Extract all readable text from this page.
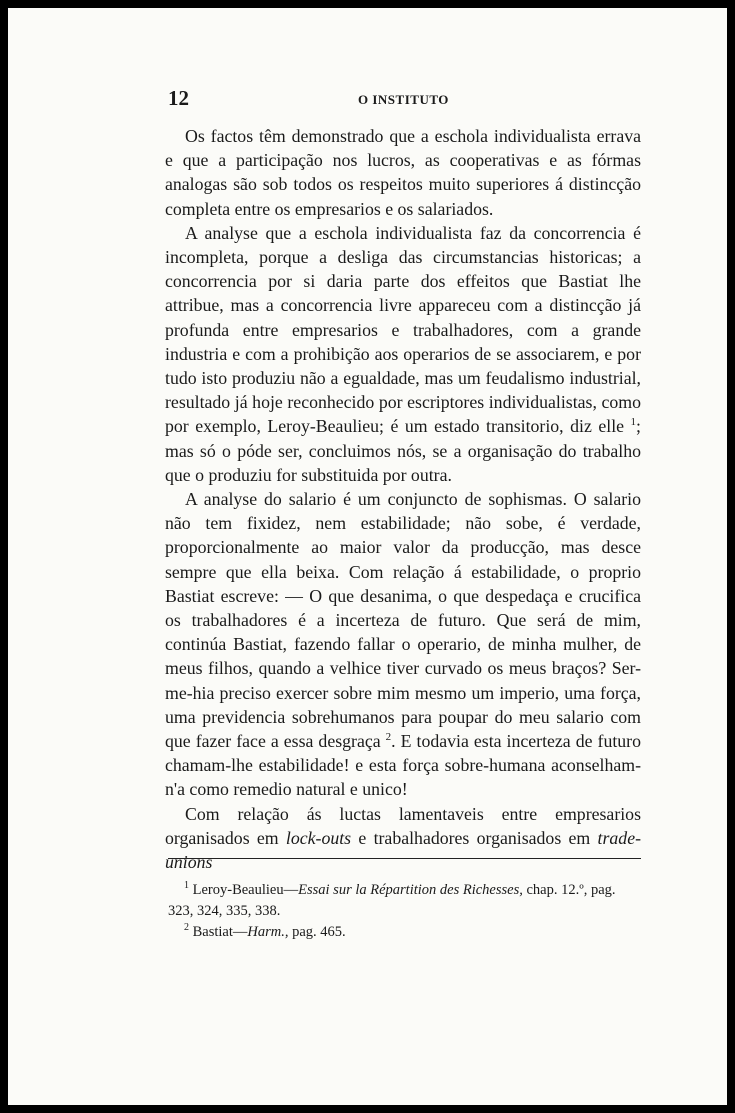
12	O INSTITUTO

Os factos têm demonstrado que a eschola individualista errava e que a participação nos lucros, as cooperativas e as fórmas analogas são sob todos os respeitos muito superiores á distincção completa entre os empresarios e os salariados.

A analyse que a eschola individualista faz da concorrencia é incompleta, porque a desliga das circumstancias historicas; a concorrencia por si daria parte dos effeitos que Bastiat lhe attribue, mas a concorrencia livre appareceu com a distincção já profunda entre empresarios e trabalhadores, com a grande industria e com a prohibição aos operarios de se associarem, e por tudo isto produziu não a egualdade, mas um feudalismo industrial, resultado já hoje reconhecido por escriptores individualistas, como por exemplo, Leroy-Beaulieu; é um estado transitorio, diz elle $^1$; mas só o póde ser, concluimos nós, se a organisação do trabalho que o produziu for substituida por outra.

A analyse do salario é um conjuncto de sophismas. O salario não tem fixidez, nem estabilidade; não sobe, é verdade, proporcionalmente ao maior valor da producção, mas desce sempre que ella beixa. Com relação á estabilidade, o proprio Bastiat escreve: — O que desanima, o que despedaça e crucifica os trabalhadores é a incerteza de futuro. Que será de mim, continúa Bastiat, fazendo fallar o operario, de minha mulher, de meus filhos, quando a velhice tiver curvado os meus braços? Ser-me-hia preciso exercer sobre mim mesmo um imperio, uma força, uma previdencia sobrehumanos para poupar do meu salario com que fazer face a essa desgraça $^2$. E todavia esta incerteza de futuro chamam-lhe estabilidade! e esta força sobre-humana aconselham-n'a como remedio natural e unico!

Com relação ás luctas lamentaveis entre empresarios organisados em lock-outs e trabalhadores organisados em trade-unions

$^1$ Leroy-Beaulieu—Essai sur la Répartition des Richesses, chap. 12.º, pag. 323, 324, 335, 338.

$^2$ Bastiat—Harm., pag. 465.
